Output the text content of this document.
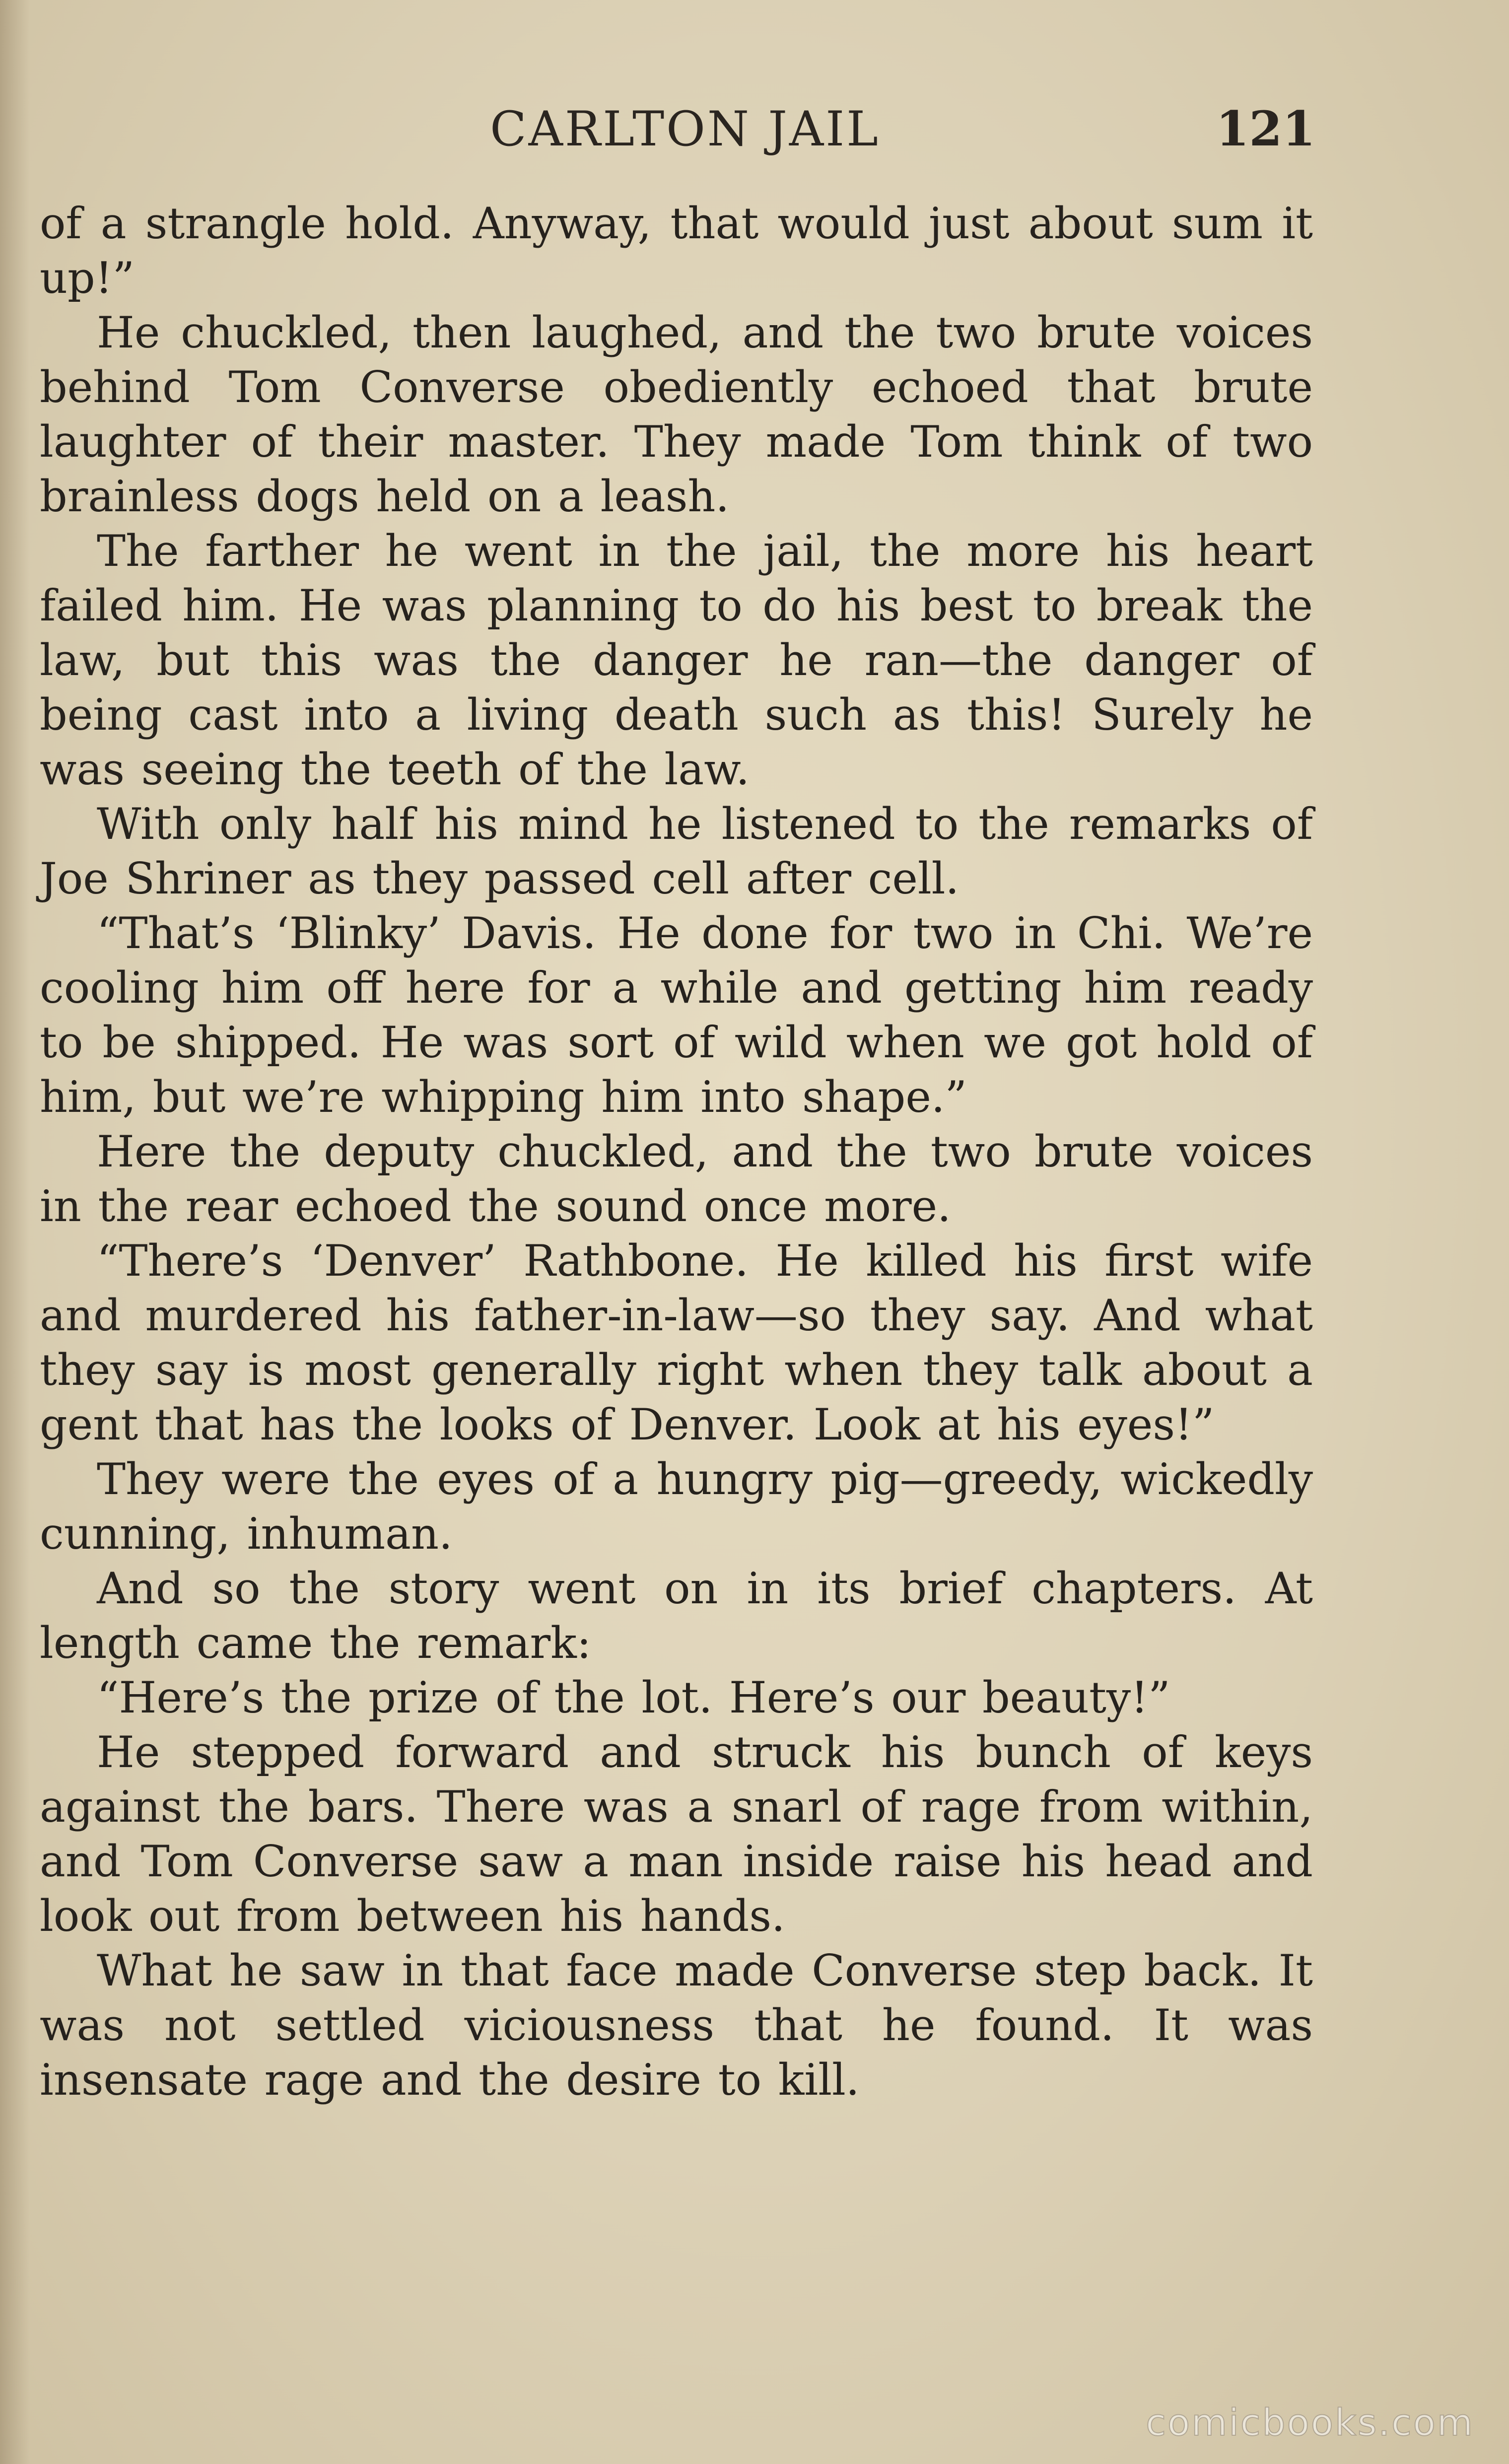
CARLTON JAIL	121

of a strangle hold. Anyway, that would just about sum it up!”

He chuckled, then laughed, and the two brute voices behind Tom Converse obediently echoed that brute laughter of their master. They made Tom think of two brainless dogs held on a leash.

The farther he went in the jail, the more his heart failed him. He was planning to do his best to break the law, but this was the danger he ran—the danger of being cast into a living death such as this! Surely he was seeing the teeth of the law.

With only half his mind he listened to the remarks of Joe Shriner as they passed cell after cell.

“That’s ‘Blinky’ Davis. He done for two in Chi. We’re cooling him off here for a while and getting him ready to be shipped. He was sort of wild when we got hold of him, but we’re whipping him into shape.”

Here the deputy chuckled, and the two brute voices in the rear echoed the sound once more.

“There’s ‘Denver’ Rathbone. He killed his first wife and murdered his father-in-law—so they say. And what they say is most generally right when they talk about a gent that has the looks of Denver. Look at his eyes!”

They were the eyes of a hungry pig—greedy, wickedly cunning, inhuman.

And so the story went on in its brief chapters. At length came the remark:

“Here’s the prize of the lot. Here’s our beauty!”

He stepped forward and struck his bunch of keys against the bars. There was a snarl of rage from within, and Tom Converse saw a man inside raise his head and look out from between his hands.

What he saw in that face made Converse step back. It was not settled viciousness that he found. It was insensate rage and the desire to kill.

comicbooks.com
